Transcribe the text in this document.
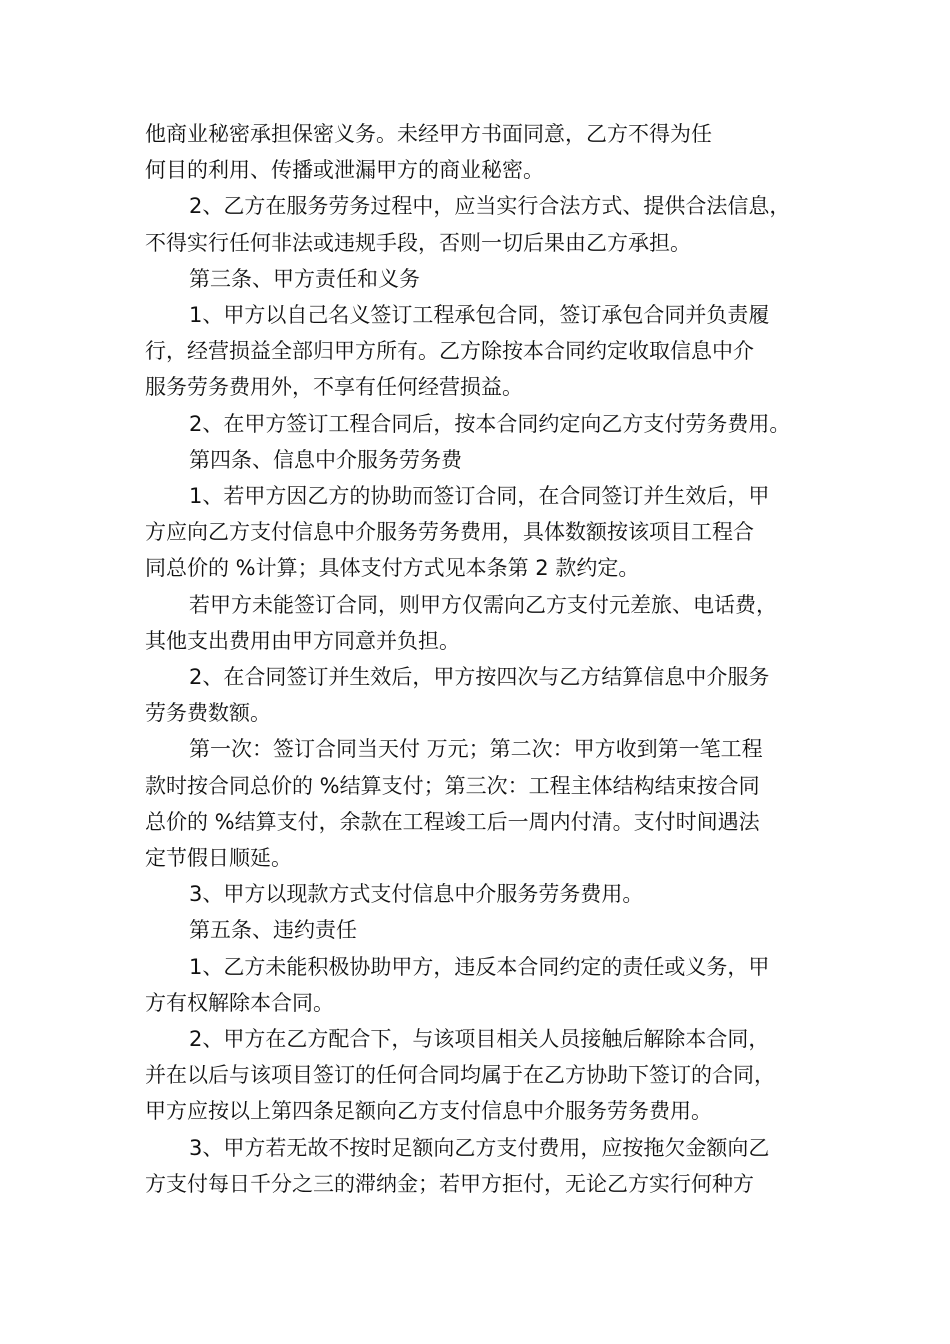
他商业秘密承担保密义务。未经甲方书面同意，乙方不得为任
何目的利用、传播或泄漏甲方的商业秘密。

2、乙方在服务劳务过程中，应当实行合法方式、提供合法信息，
不得实行任何非法或违规手段，否则一切后果由乙方承担。

第三条、甲方责任和义务

1、甲方以自己名义签订工程承包合同，签订承包合同并负责履
行，经营损益全部归甲方所有。乙方除按本合同约定收取信息中介
服务劳务费用外，不享有任何经营损益。

2、在甲方签订工程合同后，按本合同约定向乙方支付劳务费用。

第四条、信息中介服务劳务费

1、若甲方因乙方的协助而签订合同，在合同签订并生效后，甲
方应向乙方支付信息中介服务劳务费用，具体数额按该项目工程合
同总价的 %计算；具体支付方式见本条第 2 款约定。

若甲方未能签订合同，则甲方仅需向乙方支付元差旅、电话费，
其他支出费用由甲方同意并负担。

2、在合同签订并生效后，甲方按四次与乙方结算信息中介服务
劳务费数额。

第一次：签订合同当天付 万元；第二次：甲方收到第一笔工程
款时按合同总价的 %结算支付；第三次：工程主体结构结束按合同
总价的 %结算支付，余款在工程竣工后一周内付清。支付时间遇法
定节假日顺延。

3、甲方以现款方式支付信息中介服务劳务费用。

第五条、违约责任

1、乙方未能积极协助甲方，违反本合同约定的责任或义务，甲
方有权解除本合同。

2、甲方在乙方配合下，与该项目相关人员接触后解除本合同，
并在以后与该项目签订的任何合同均属于在乙方协助下签订的合同，
甲方应按以上第四条足额向乙方支付信息中介服务劳务费用。

3、甲方若无故不按时足额向乙方支付费用，应按拖欠金额向乙
方支付每日千分之三的滞纳金；若甲方拒付，无论乙方实行何种方
